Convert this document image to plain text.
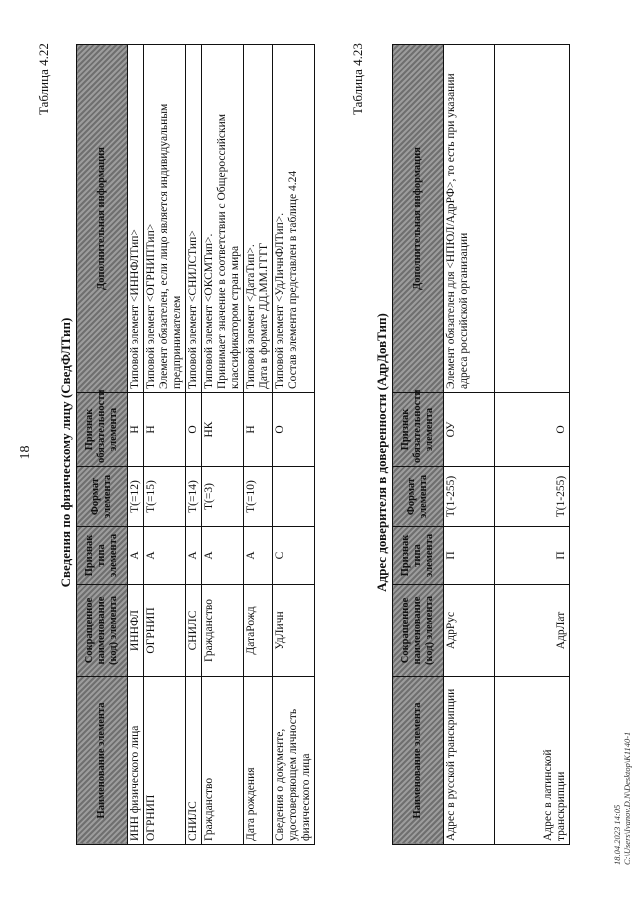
18
Таблица 4.22
Сведения по физическому лицу (СведФЛТип)
Наименование элемента	Сокращенное наименование (код) элемента	Признак типа элемента	Формат элемента	Признак обязательности элемента	Дополнительная информация
ИНН физического лица	ИННФЛ	А	Т(=12)	Н	Типовой элемент <ИННФЛТип>
ОГРНИП	ОГРНИП	А	Т(=15)	Н	Типовой элемент <ОГРНИПТип>
Элемент обязателен, если лицо является индивидуальным предпринимателем
СНИЛС	СНИЛС	А	Т(=14)	О	Типовой элемент <СНИЛСТип>
Гражданство	Гражданство	А	Т(=3)	НК	Типовой элемент <ОКСМТип>.
Принимает значение в соответствии с Общероссийским классификатором стран мира
Дата рождения	ДатаРожд	А	Т(=10)	Н	Типовой элемент <ДатаТип>.
Дата в формате ДД.ММ.ГГГГ
Сведения о документе, удостоверяющем личность физического лица	УдЛичн	С		О	Типовой элемент <УдЛичнФЛТип>.
Состав элемента представлен в таблице 4.24
Таблица 4.23
Адрес доверителя в доверенности (АдрДовТип)
Наименование элемента	Сокращенное наименование (код) элемента	Признак типа элемента	Формат элемента	Признак обязательности элемента	Дополнительная информация
Адрес в русской транскрипции	АдрРус	П	Т(1-255)	ОУ	Элемент обязателен для <НПЮЛ/АдрРФ>, то есть при указании адреса российской организации
Адрес в латинской транскрипции	АдрЛат	П	Т(1-255)	О	
18.04.2023 14:05 C:\Users\Ivanov.D.N\Desktop\K1140-1
